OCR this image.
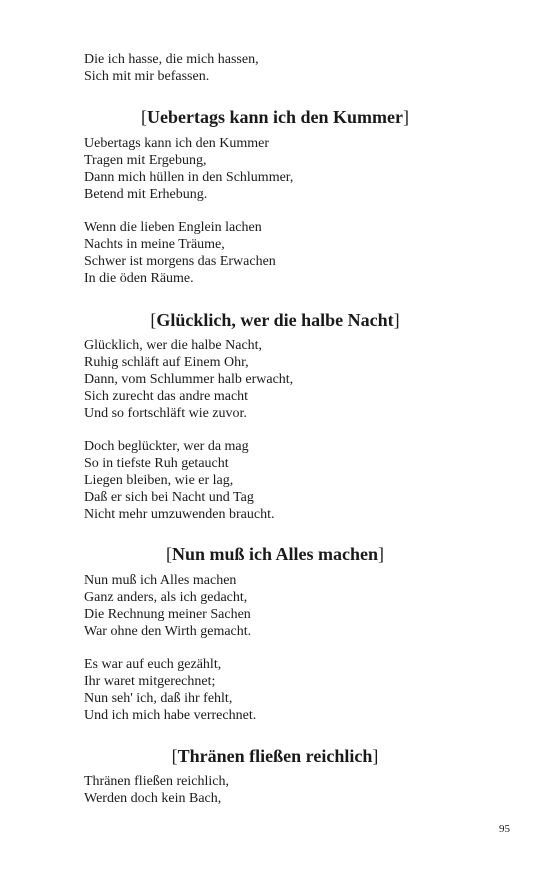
Die ich hasse, die mich hassen,
Sich mit mir befassen.
[Uebertags kann ich den Kummer]
Uebertags kann ich den Kummer
Tragen mit Ergebung,
Dann mich hüllen in den Schlummer,
Betend mit Erhebung.
Wenn die lieben Englein lachen
Nachts in meine Träume,
Schwer ist morgens das Erwachen
In die öden Räume.
[Glücklich, wer die halbe Nacht]
Glücklich, wer die halbe Nacht,
Ruhig schläft auf Einem Ohr,
Dann, vom Schlummer halb erwacht,
Sich zurecht das andre macht
Und so fortschläft wie zuvor.
Doch beglückter, wer da mag
So in tiefste Ruh getaucht
Liegen bleiben, wie er lag,
Daß er sich bei Nacht und Tag
Nicht mehr umzuwenden braucht.
[Nun muß ich Alles machen]
Nun muß ich Alles machen
Ganz anders, als ich gedacht,
Die Rechnung meiner Sachen
War ohne den Wirth gemacht.
Es war auf euch gezählt,
Ihr waret mitgerechnet;
Nun seh' ich, daß ihr fehlt,
Und ich mich habe verrechnet.
[Thränen fließen reichlich]
Thränen fließen reichlich,
Werden doch kein Bach,
95
